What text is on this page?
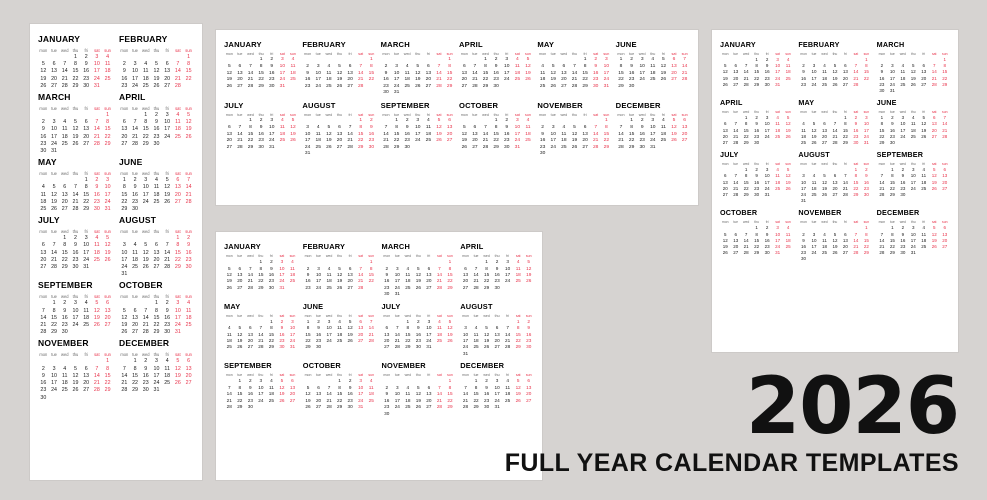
JANUARY
mon	tue	wed	thu	fri	sat	sun
			1	2	3	4
5	6	7	8	9	10	11
12	13	14	15	16	17	18
19	20	21	22	23	24	25
26	27	28	29	30	31	
FEBRUARY
mon	tue	wed	thu	fri	sat	sun
						1
2	3	4	5	6	7	8
9	10	11	12	13	14	15
16	17	18	19	20	21	22
23	24	25	26	27	28	
MARCH
mon	tue	wed	thu	fri	sat	sun
						1
2	3	4	5	6	7	8
9	10	11	12	13	14	15
16	17	18	19	20	21	22
23	24	25	26	27	28	29
30	31					
APRIL
mon	tue	wed	thu	fri	sat	sun
		1	2	3	4	5
6	7	8	9	10	11	12
13	14	15	16	17	18	19
20	21	22	23	24	25	26
27	28	29	30			
MAY
mon	tue	wed	thu	fri	sat	sun
				1	2	3
4	5	6	7	8	9	10
11	12	13	14	15	16	17
18	19	20	21	22	23	24
25	26	27	28	29	30	31
JUNE
mon	tue	wed	thu	fri	sat	sun
1	2	3	4	5	6	7
8	9	10	11	12	13	14
15	16	17	18	19	20	21
22	23	24	25	26	27	28
29	30					
JULY
mon	tue	wed	thu	fri	sat	sun
		1	2	3	4	5
6	7	8	9	10	11	12
13	14	15	16	17	18	19
20	21	22	23	24	25	26
27	28	29	30	31		
AUGUST
mon	tue	wed	thu	fri	sat	sun
					1	2
3	4	5	6	7	8	9
10	11	12	13	14	15	16
17	18	19	20	21	22	23
24	25	26	27	28	29	30
31						
SEPTEMBER
mon	tue	wed	thu	fri	sat	sun
	1	2	3	4	5	6
7	8	9	10	11	12	13
14	15	16	17	18	19	20
21	22	23	24	25	26	27
28	29	30				
OCTOBER
mon	tue	wed	thu	fri	sat	sun
			1	2	3	4
5	6	7	8	9	10	11
12	13	14	15	16	17	18
19	20	21	22	23	24	25
26	27	28	29	30	31	
NOVEMBER
mon	tue	wed	thu	fri	sat	sun
						1
2	3	4	5	6	7	8
9	10	11	12	13	14	15
16	17	18	19	20	21	22
23	24	25	26	27	28	29
30						
DECEMBER
mon	tue	wed	thu	fri	sat	sun
	1	2	3	4	5	6
7	8	9	10	11	12	13
14	15	16	17	18	19	20
21	22	23	24	25	26	27
28	29	30	31			
JANUARY
mon	tue	wed	thu	fri	sat	sun
			1	2	3	4
5	6	7	8	9	10	11
12	13	14	15	16	17	18
19	20	21	22	23	24	25
26	27	28	29	30	31	
FEBRUARY
mon	tue	wed	thu	fri	sat	sun
						1
2	3	4	5	6	7	8
9	10	11	12	13	14	15
16	17	18	19	20	21	22
23	24	25	26	27	28	
MARCH
mon	tue	wed	thu	fri	sat	sun
						1
2	3	4	5	6	7	8
9	10	11	12	13	14	15
16	17	18	19	20	21	22
23	24	25	26	27	28	29
30	31					
APRIL
mon	tue	wed	thu	fri	sat	sun
		1	2	3	4	5
6	7	8	9	10	11	12
13	14	15	16	17	18	19
20	21	22	23	24	25	26
27	28	29	30			
MAY
mon	tue	wed	thu	fri	sat	sun
				1	2	3
4	5	6	7	8	9	10
11	12	13	14	15	16	17
18	19	20	21	22	23	24
25	26	27	28	29	30	31
JUNE
mon	tue	wed	thu	fri	sat	sun
1	2	3	4	5	6	7
8	9	10	11	12	13	14
15	16	17	18	19	20	21
22	23	24	25	26	27	28
29	30					
JULY
mon	tue	wed	thu	fri	sat	sun
		1	2	3	4	5
6	7	8	9	10	11	12
13	14	15	16	17	18	19
20	21	22	23	24	25	26
27	28	29	30	31		
AUGUST
mon	tue	wed	thu	fri	sat	sun
					1	2
3	4	5	6	7	8	9
10	11	12	13	14	15	16
17	18	19	20	21	22	23
24	25	26	27	28	29	30
31						
SEPTEMBER
mon	tue	wed	thu	fri	sat	sun
	1	2	3	4	5	6
7	8	9	10	11	12	13
14	15	16	17	18	19	20
21	22	23	24	25	26	27
28	29	30				
OCTOBER
mon	tue	wed	thu	fri	sat	sun
			1	2	3	4
5	6	7	8	9	10	11
12	13	14	15	16	17	18
19	20	21	22	23	24	25
26	27	28	29	30	31	
NOVEMBER
mon	tue	wed	thu	fri	sat	sun
						1
2	3	4	5	6	7	8
9	10	11	12	13	14	15
16	17	18	19	20	21	22
23	24	25	26	27	28	29
30						
DECEMBER
mon	tue	wed	thu	fri	sat	sun
	1	2	3	4	5	6
7	8	9	10	11	12	13
14	15	16	17	18	19	20
21	22	23	24	25	26	27
28	29	30	31			
JANUARY
mon	tue	wed	thu	fri	sat	sun
			1	2	3	4
5	6	7	8	9	10	11
12	13	14	15	16	17	18
19	20	21	22	23	24	25
26	27	28	29	30	31	
FEBRUARY
mon	tue	wed	thu	fri	sat	sun
						1
2	3	4	5	6	7	8
9	10	11	12	13	14	15
16	17	18	19	20	21	22
23	24	25	26	27	28	
MARCH
mon	tue	wed	thu	fri	sat	sun
						1
2	3	4	5	6	7	8
9	10	11	12	13	14	15
16	17	18	19	20	21	22
23	24	25	26	27	28	29
30	31					
APRIL
mon	tue	wed	thu	fri	sat	sun
		1	2	3	4	5
6	7	8	9	10	11	12
13	14	15	16	17	18	19
20	21	22	23	24	25	26
27	28	29	30			
MAY
mon	tue	wed	thu	fri	sat	sun
				1	2	3
4	5	6	7	8	9	10
11	12	13	14	15	16	17
18	19	20	21	22	23	24
25	26	27	28	29	30	31
JUNE
mon	tue	wed	thu	fri	sat	sun
1	2	3	4	5	6	7
8	9	10	11	12	13	14
15	16	17	18	19	20	21
22	23	24	25	26	27	28
29	30					
JULY
mon	tue	wed	thu	fri	sat	sun
		1	2	3	4	5
6	7	8	9	10	11	12
13	14	15	16	17	18	19
20	21	22	23	24	25	26
27	28	29	30	31		
AUGUST
mon	tue	wed	thu	fri	sat	sun
					1	2
3	4	5	6	7	8	9
10	11	12	13	14	15	16
17	18	19	20	21	22	23
24	25	26	27	28	29	30
31						
SEPTEMBER
mon	tue	wed	thu	fri	sat	sun
	1	2	3	4	5	6
7	8	9	10	11	12	13
14	15	16	17	18	19	20
21	22	23	24	25	26	27
28	29	30				
OCTOBER
mon	tue	wed	thu	fri	sat	sun
			1	2	3	4
5	6	7	8	9	10	11
12	13	14	15	16	17	18
19	20	21	22	23	24	25
26	27	28	29	30	31	
NOVEMBER
mon	tue	wed	thu	fri	sat	sun
						1
2	3	4	5	6	7	8
9	10	11	12	13	14	15
16	17	18	19	20	21	22
23	24	25	26	27	28	29
30						
DECEMBER
mon	tue	wed	thu	fri	sat	sun
	1	2	3	4	5	6
7	8	9	10	11	12	13
14	15	16	17	18	19	20
21	22	23	24	25	26	27
28	29	30	31			
JANUARY
mon	tue	wed	thu	fri	sat	sun
			1	2	3	4
5	6	7	8	9	10	11
12	13	14	15	16	17	18
19	20	21	22	23	24	25
26	27	28	29	30	31	
FEBRUARY
mon	tue	wed	thu	fri	sat	sun
						1
2	3	4	5	6	7	8
9	10	11	12	13	14	15
16	17	18	19	20	21	22
23	24	25	26	27	28	
MARCH
mon	tue	wed	thu	fri	sat	sun
						1
2	3	4	5	6	7	8
9	10	11	12	13	14	15
16	17	18	19	20	21	22
23	24	25	26	27	28	29
30	31					
APRIL
mon	tue	wed	thu	fri	sat	sun
		1	2	3	4	5
6	7	8	9	10	11	12
13	14	15	16	17	18	19
20	21	22	23	24	25	26
27	28	29	30			
MAY
mon	tue	wed	thu	fri	sat	sun
				1	2	3
4	5	6	7	8	9	10
11	12	13	14	15	16	17
18	19	20	21	22	23	24
25	26	27	28	29	30	31
JUNE
mon	tue	wed	thu	fri	sat	sun
1	2	3	4	5	6	7
8	9	10	11	12	13	14
15	16	17	18	19	20	21
22	23	24	25	26	27	28
29	30					
JULY
mon	tue	wed	thu	fri	sat	sun
		1	2	3	4	5
6	7	8	9	10	11	12
13	14	15	16	17	18	19
20	21	22	23	24	25	26
27	28	29	30	31		
AUGUST
mon	tue	wed	thu	fri	sat	sun
					1	2
3	4	5	6	7	8	9
10	11	12	13	14	15	16
17	18	19	20	21	22	23
24	25	26	27	28	29	30
31						
SEPTEMBER
mon	tue	wed	thu	fri	sat	sun
	1	2	3	4	5	6
7	8	9	10	11	12	13
14	15	16	17	18	19	20
21	22	23	24	25	26	27
28	29	30				
OCTOBER
mon	tue	wed	thu	fri	sat	sun
			1	2	3	4
5	6	7	8	9	10	11
12	13	14	15	16	17	18
19	20	21	22	23	24	25
26	27	28	29	30	31	
NOVEMBER
mon	tue	wed	thu	fri	sat	sun
						1
2	3	4	5	6	7	8
9	10	11	12	13	14	15
16	17	18	19	20	21	22
23	24	25	26	27	28	29
30						
DECEMBER
mon	tue	wed	thu	fri	sat	sun
	1	2	3	4	5	6
7	8	9	10	11	12	13
14	15	16	17	18	19	20
21	22	23	24	25	26	27
28	29	30	31			
2026
FULL YEAR CALENDAR TEMPLATES
